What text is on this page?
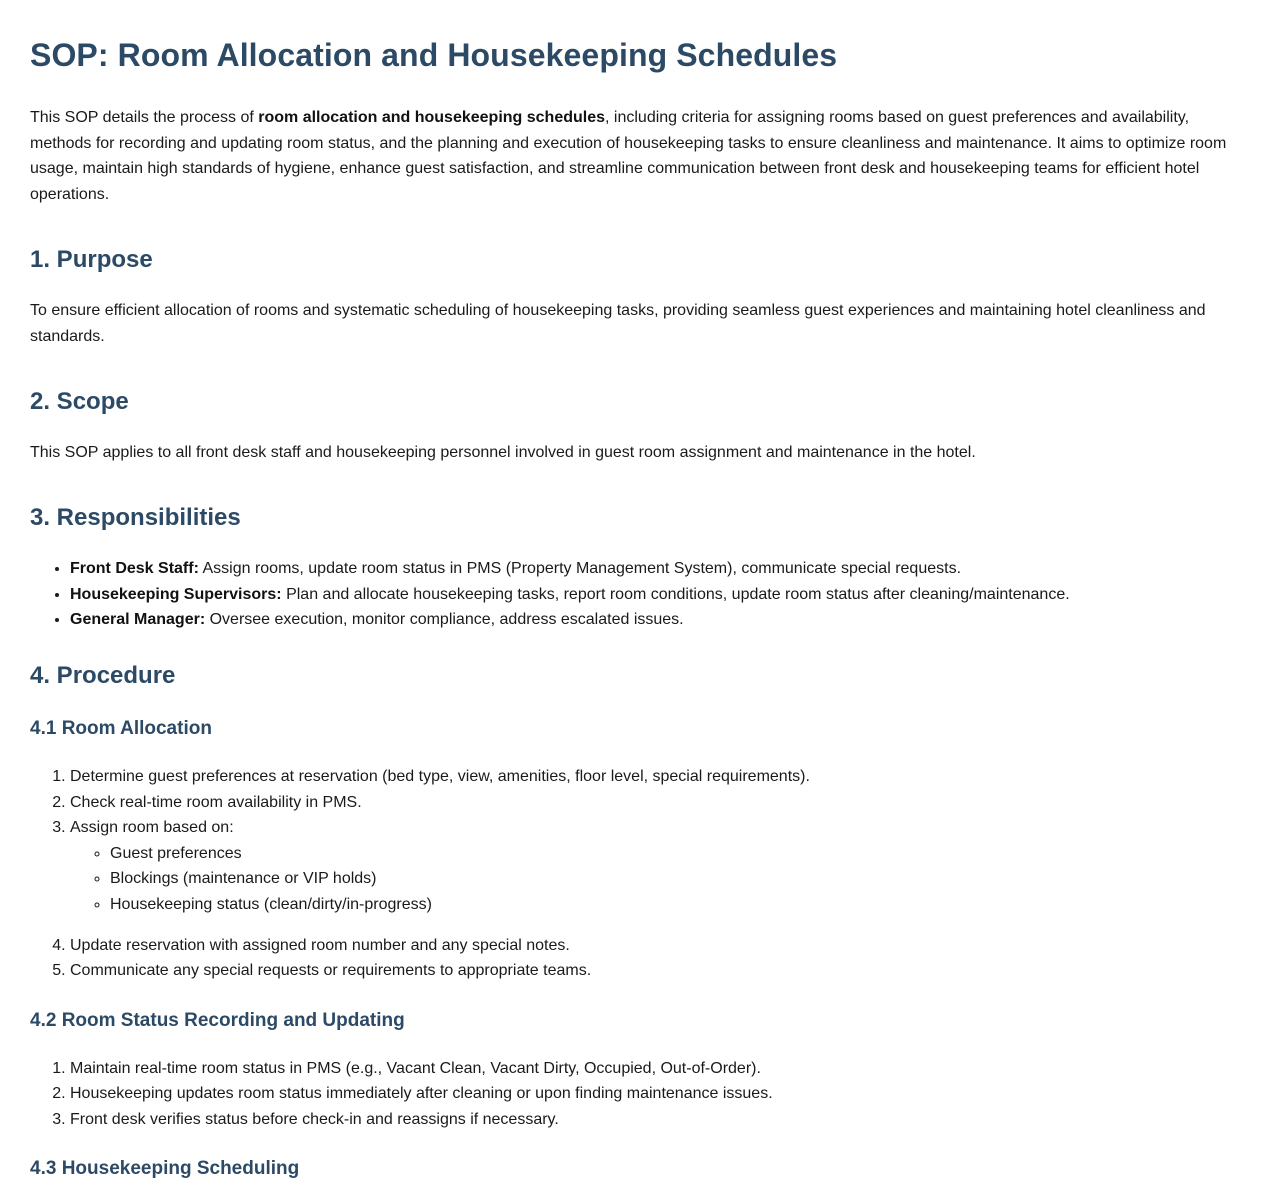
SOP: Room Allocation and Housekeeping Schedules

This SOP details the process of room allocation and housekeeping schedules, including criteria for assigning rooms based on guest preferences and availability, methods for recording and updating room status, and the planning and execution of housekeeping tasks to ensure cleanliness and maintenance. It aims to optimize room usage, maintain high standards of hygiene, enhance guest satisfaction, and streamline communication between front desk and housekeeping teams for efficient hotel operations.

1. Purpose

To ensure efficient allocation of rooms and systematic scheduling of housekeeping tasks, providing seamless guest experiences and maintaining hotel cleanliness and standards.

2. Scope

This SOP applies to all front desk staff and housekeeping personnel involved in guest room assignment and maintenance in the hotel.

3. Responsibilities
• Front Desk Staff: Assign rooms, update room status in PMS (Property Management System), communicate special requests.
• Housekeeping Supervisors: Plan and allocate housekeeping tasks, report room conditions, update room status after cleaning/maintenance.
• General Manager: Oversee execution, monitor compliance, address escalated issues.
4. Procedure
4.1 Room Allocation
1. Determine guest preferences at reservation (bed type, view, amenities, floor level, special requirements).
2. Check real-time room availability in PMS.
3. Assign room based on:
◦ Guest preferences
◦ Blockings (maintenance or VIP holds)
◦ Housekeeping status (clean/dirty/in-progress)
4. Update reservation with assigned room number and any special notes.
5. Communicate any special requests or requirements to appropriate teams.
4.2 Room Status Recording and Updating
1. Maintain real-time room status in PMS (e.g., Vacant Clean, Vacant Dirty, Occupied, Out-of-Order).
2. Housekeeping updates room status immediately after cleaning or upon finding maintenance issues.
3. Front desk verifies status before check-in and reassigns if necessary.
4.3 Housekeeping Scheduling
